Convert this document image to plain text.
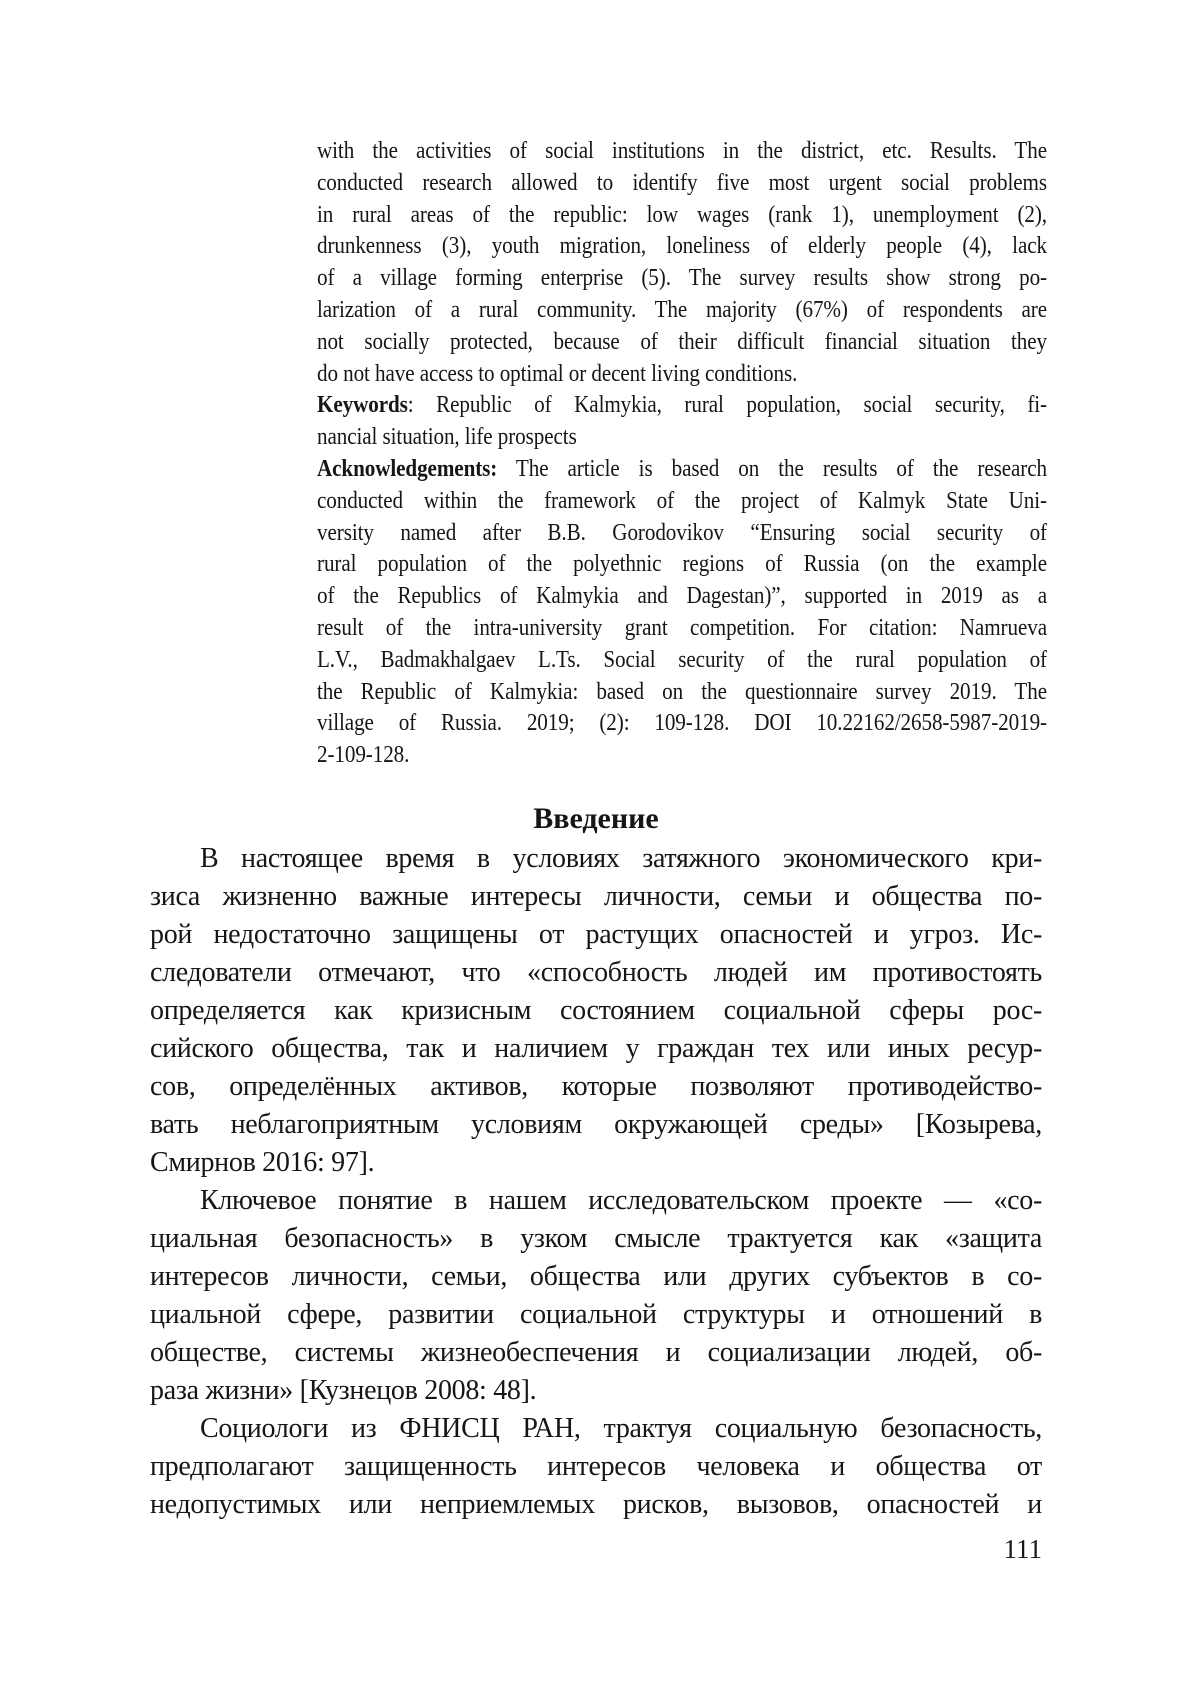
with the activities of social institutions in the district, etc. Results. The
conducted research allowed to identify five most urgent social problems
in rural areas of the republic: low wages (rank 1), unemployment (2),
drunkenness (3), youth migration, loneliness of elderly people (4), lack
of a village forming enterprise (5). The survey results show strong po-
larization of a rural community. The majority (67%) of respondents are
not socially protected, because of their difficult financial situation they
do not have access to optimal or decent living conditions.
Keywords: Republic of Kalmykia, rural population, social security, fi-
nancial situation, life prospects
Acknowledgements: The article is based on the results of the research
conducted within the framework of the project of Kalmyk State Uni-
versity named after B.B. Gorodovikov “Ensuring social security of
rural population of the polyethnic regions of Russia (on the example
of the Republics of Kalmykia and Dagestan)”, supported in 2019 as a
result of the intra-university grant competition. For citation: Namrueva
L.V., Badmakhalgaev L.Ts. Social security of the rural population of
the Republic of Kalmykia: based on the questionnaire survey 2019. The
village of Russia. 2019; (2): 109-128. DOI 10.22162/2658-5987-2019-
2-109-128.
Введение
В настоящее время в условиях затяжного экономического кри-
зиса жизненно важные интересы личности, семьи и общества по-
рой недостаточно защищены от растущих опасностей и угроз. Ис-
следователи отмечают, что «способность людей им противостоять
определяется как кризисным состоянием социальной сферы рос-
сийского общества, так и наличием у граждан тех или иных ресур-
сов, определённых активов, которые позволяют противодейство-
вать неблагоприятным условиям окружающей среды» [Козырева,
Смирнов 2016: 97].
Ключевое понятие в нашем исследовательском проекте — «со-
циальная безопасность» в узком смысле трактуется как «защита
интересов личности, семьи, общества или других субъектов в со-
циальной сфере, развитии социальной структуры и отношений в
обществе, системы жизнеобеспечения и социализации людей, об-
раза жизни» [Кузнецов 2008: 48].
Социологи из ФНИСЦ РАН, трактуя социальную безопасность,
предполагают защищенность интересов человека и общества от
недопустимых или неприемлемых рисков, вызовов, опасностей и
111
